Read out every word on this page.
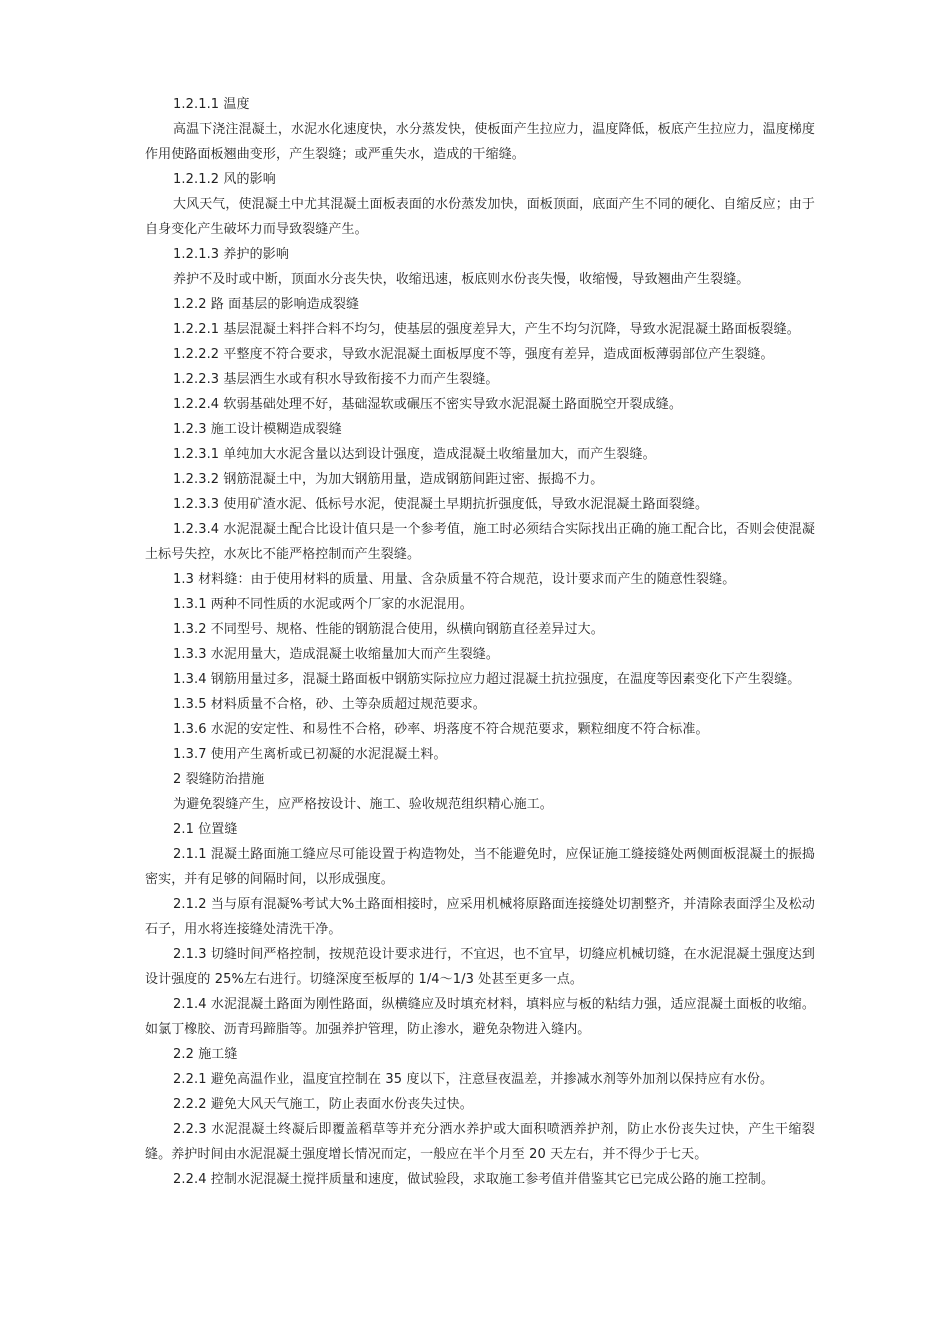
1.2.1.1 温度

高温下浇注混凝土，水泥水化速度快，水分蒸发快，使板面产生拉应力，温度降低，板底产生拉应力，温度梯度作用使路面板翘曲变形，产生裂缝；或严重失水，造成的干缩缝。

1.2.1.2 风的影响

大风天气，使混凝土中尤其混凝土面板表面的水份蒸发加快，面板顶面，底面产生不同的硬化、自缩反应；由于自身变化产生破坏力而导致裂缝产生。

1.2.1.3 养护的影响

养护不及时或中断，顶面水分丧失快，收缩迅速，板底则水份丧失慢，收缩慢，导致翘曲产生裂缝。

1.2.2 路 面基层的影响造成裂缝

1.2.2.1 基层混凝土料拌合料不均匀，使基层的强度差异大，产生不均匀沉降，导致水泥混凝土路面板裂缝。

1.2.2.2 平整度不符合要求，导致水泥混凝土面板厚度不等，强度有差异，造成面板薄弱部位产生裂缝。

1.2.2.3 基层洒生水或有积水导致衔接不力而产生裂缝。

1.2.2.4 软弱基础处理不好，基础湿软或碾压不密实导致水泥混凝土路面脱空开裂成缝。

1.2.3 施工设计模糊造成裂缝

1.2.3.1 单纯加大水泥含量以达到设计强度，造成混凝土收缩量加大，而产生裂缝。

1.2.3.2 钢筋混凝土中，为加大钢筋用量，造成钢筋间距过密、振捣不力。

1.2.3.3 使用矿渣水泥、低标号水泥，使混凝土早期抗折强度低，导致水泥混凝土路面裂缝。

1.2.3.4 水泥混凝土配合比设计值只是一个参考值，施工时必须结合实际找出正确的施工配合比，否则会使混凝土标号失控，水灰比不能严格控制而产生裂缝。

1.3 材料缝：由于使用材料的质量、用量、含杂质量不符合规范，设计要求而产生的随意性裂缝。

1.3.1 两种不同性质的水泥或两个厂家的水泥混用。

1.3.2 不同型号、规格、性能的钢筋混合使用，纵横向钢筋直径差异过大。

1.3.3 水泥用量大，造成混凝土收缩量加大而产生裂缝。

1.3.4 钢筋用量过多，混凝土路面板中钢筋实际拉应力超过混凝土抗拉强度，在温度等因素变化下产生裂缝。

1.3.5 材料质量不合格，砂、土等杂质超过规范要求。

1.3.6 水泥的安定性、和易性不合格，砂率、坍落度不符合规范要求，颗粒细度不符合标准。

1.3.7 使用产生离析或已初凝的水泥混凝土料。

2 裂缝防治措施

为避免裂缝产生，应严格按设计、施工、验收规范组织精心施工。

2.1 位置缝

2.1.1 混凝土路面施工缝应尽可能设置于构造物处，当不能避免时，应保证施工缝接缝处两侧面板混凝土的振捣密实，并有足够的间隔时间，以形成强度。

2.1.2 当与原有混凝%考试大%土路面相接时，应采用机械将原路面连接缝处切割整齐，并清除表面浮尘及松动石子，用水将连接缝处清洗干净。

2.1.3 切缝时间严格控制，按规范设计要求进行，不宜迟，也不宜早，切缝应机械切缝，在水泥混凝土强度达到设计强度的 25%左右进行。切缝深度至板厚的 1/4～1/3 处甚至更多一点。

2.1.4 水泥混凝土路面为刚性路面，纵横缝应及时填充材料，填料应与板的粘结力强，适应混凝土面板的收缩。如氯丁橡胶、沥青玛蹄脂等。加强养护管理，防止渗水，避免杂物进入缝内。

2.2 施工缝

2.2.1 避免高温作业，温度宜控制在 35 度以下，注意昼夜温差，并掺减水剂等外加剂以保持应有水份。

2.2.2 避免大风天气施工，防止表面水份丧失过快。

2.2.3 水泥混凝土终凝后即覆盖稻草等并充分洒水养护或大面积喷洒养护剂，防止水份丧失过快，产生干缩裂缝。养护时间由水泥混凝土强度增长情况而定，一般应在半个月至 20 天左右，并不得少于七天。

2.2.4 控制水泥混凝土搅拌质量和速度，做试验段，求取施工参考值并借鉴其它已完成公路的施工控制。
